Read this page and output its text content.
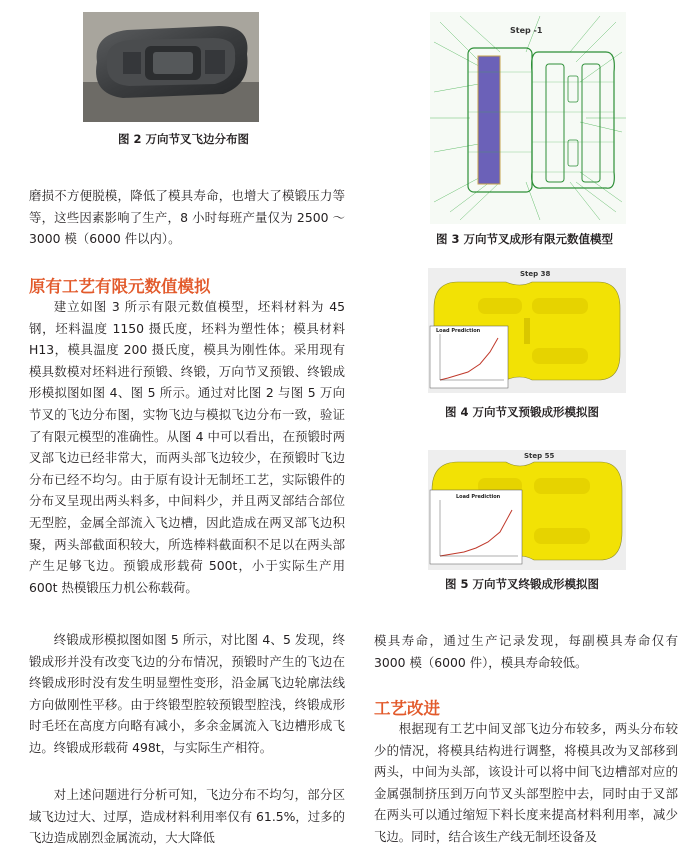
图 2 万向节叉飞边分布图
Step -1
图 3 万向节叉成形有限元数值模型
Step 38
Load Prediction
图 4 万向节叉预锻成形模拟图
Step 55
Load Prediction
图 5 万向节叉终锻成形模拟图

磨损不方便脱模，降低了模具寿命，也增大了模锻压力等等，这些因素影响了生产，8 小时每班产量仅为 2500 ～ 3000 模（6000 件以内）。

原有工艺有限元数值模拟

建立如图 3 所示有限元数值模型，坯料材料为 45 钢，坯料温度 1150 摄氏度，坯料为塑性体；模具材料 H13，模具温度 200 摄氏度，模具为刚性体。采用现有模具数模对坯料进行预锻、终锻，万向节叉预锻、终锻成形模拟图如图 4、图 5 所示。通过对比图 2 与图 5 万向节叉的飞边分布图，实物飞边与模拟飞边分布一致，验证了有限元模型的准确性。从图 4 中可以看出，在预锻时两叉部飞边已经非常大，而两头部飞边较少，在预锻时飞边分布已经不均匀。由于原有设计无制坯工艺，实际锻件的分布叉呈现出两头料多，中间料少，并且两叉部结合部位无型腔，金属全部流入飞边槽，因此造成在两叉部飞边积聚，两头部截面积较大，所选棒料截面积不足以在两头部产生足够飞边。预锻成形载荷 500t，小于实际生产用 600t 热模锻压力机公称载荷。

终锻成形模拟图如图 5 所示，对比图 4、5 发现，终锻成形并没有改变飞边的分布情况，预锻时产生的飞边在终锻成形时没有发生明显塑性变形，沿金属飞边轮廓法线方向做刚性平移。由于终锻型腔较预锻型腔浅，终锻成形时毛坯在高度方向略有减小，多余金属流入飞边槽形成飞边。终锻成形载荷 498t，与实际生产相符。

对上述问题进行分析可知，飞边分布不均匀，部分区域飞边过大、过厚，造成材料利用率仅有 61.5%，过多的飞边造成剧烈金属流动，大大降低

模具寿命，通过生产记录发现，每副模具寿命仅有 3000 模（6000 件），模具寿命较低。

工艺改进

根据现有工艺中间叉部飞边分布较多，两头分布较少的情况，将模具结构进行调整，将模具改为叉部移到两头，中间为头部，该设计可以将中间飞边槽部对应的金属强制挤压到万向节叉头部型腔中去，同时由于叉部在两头可以通过缩短下料长度来提高材料利用率，减少飞边。同时，结合该生产线无制坯设备及
